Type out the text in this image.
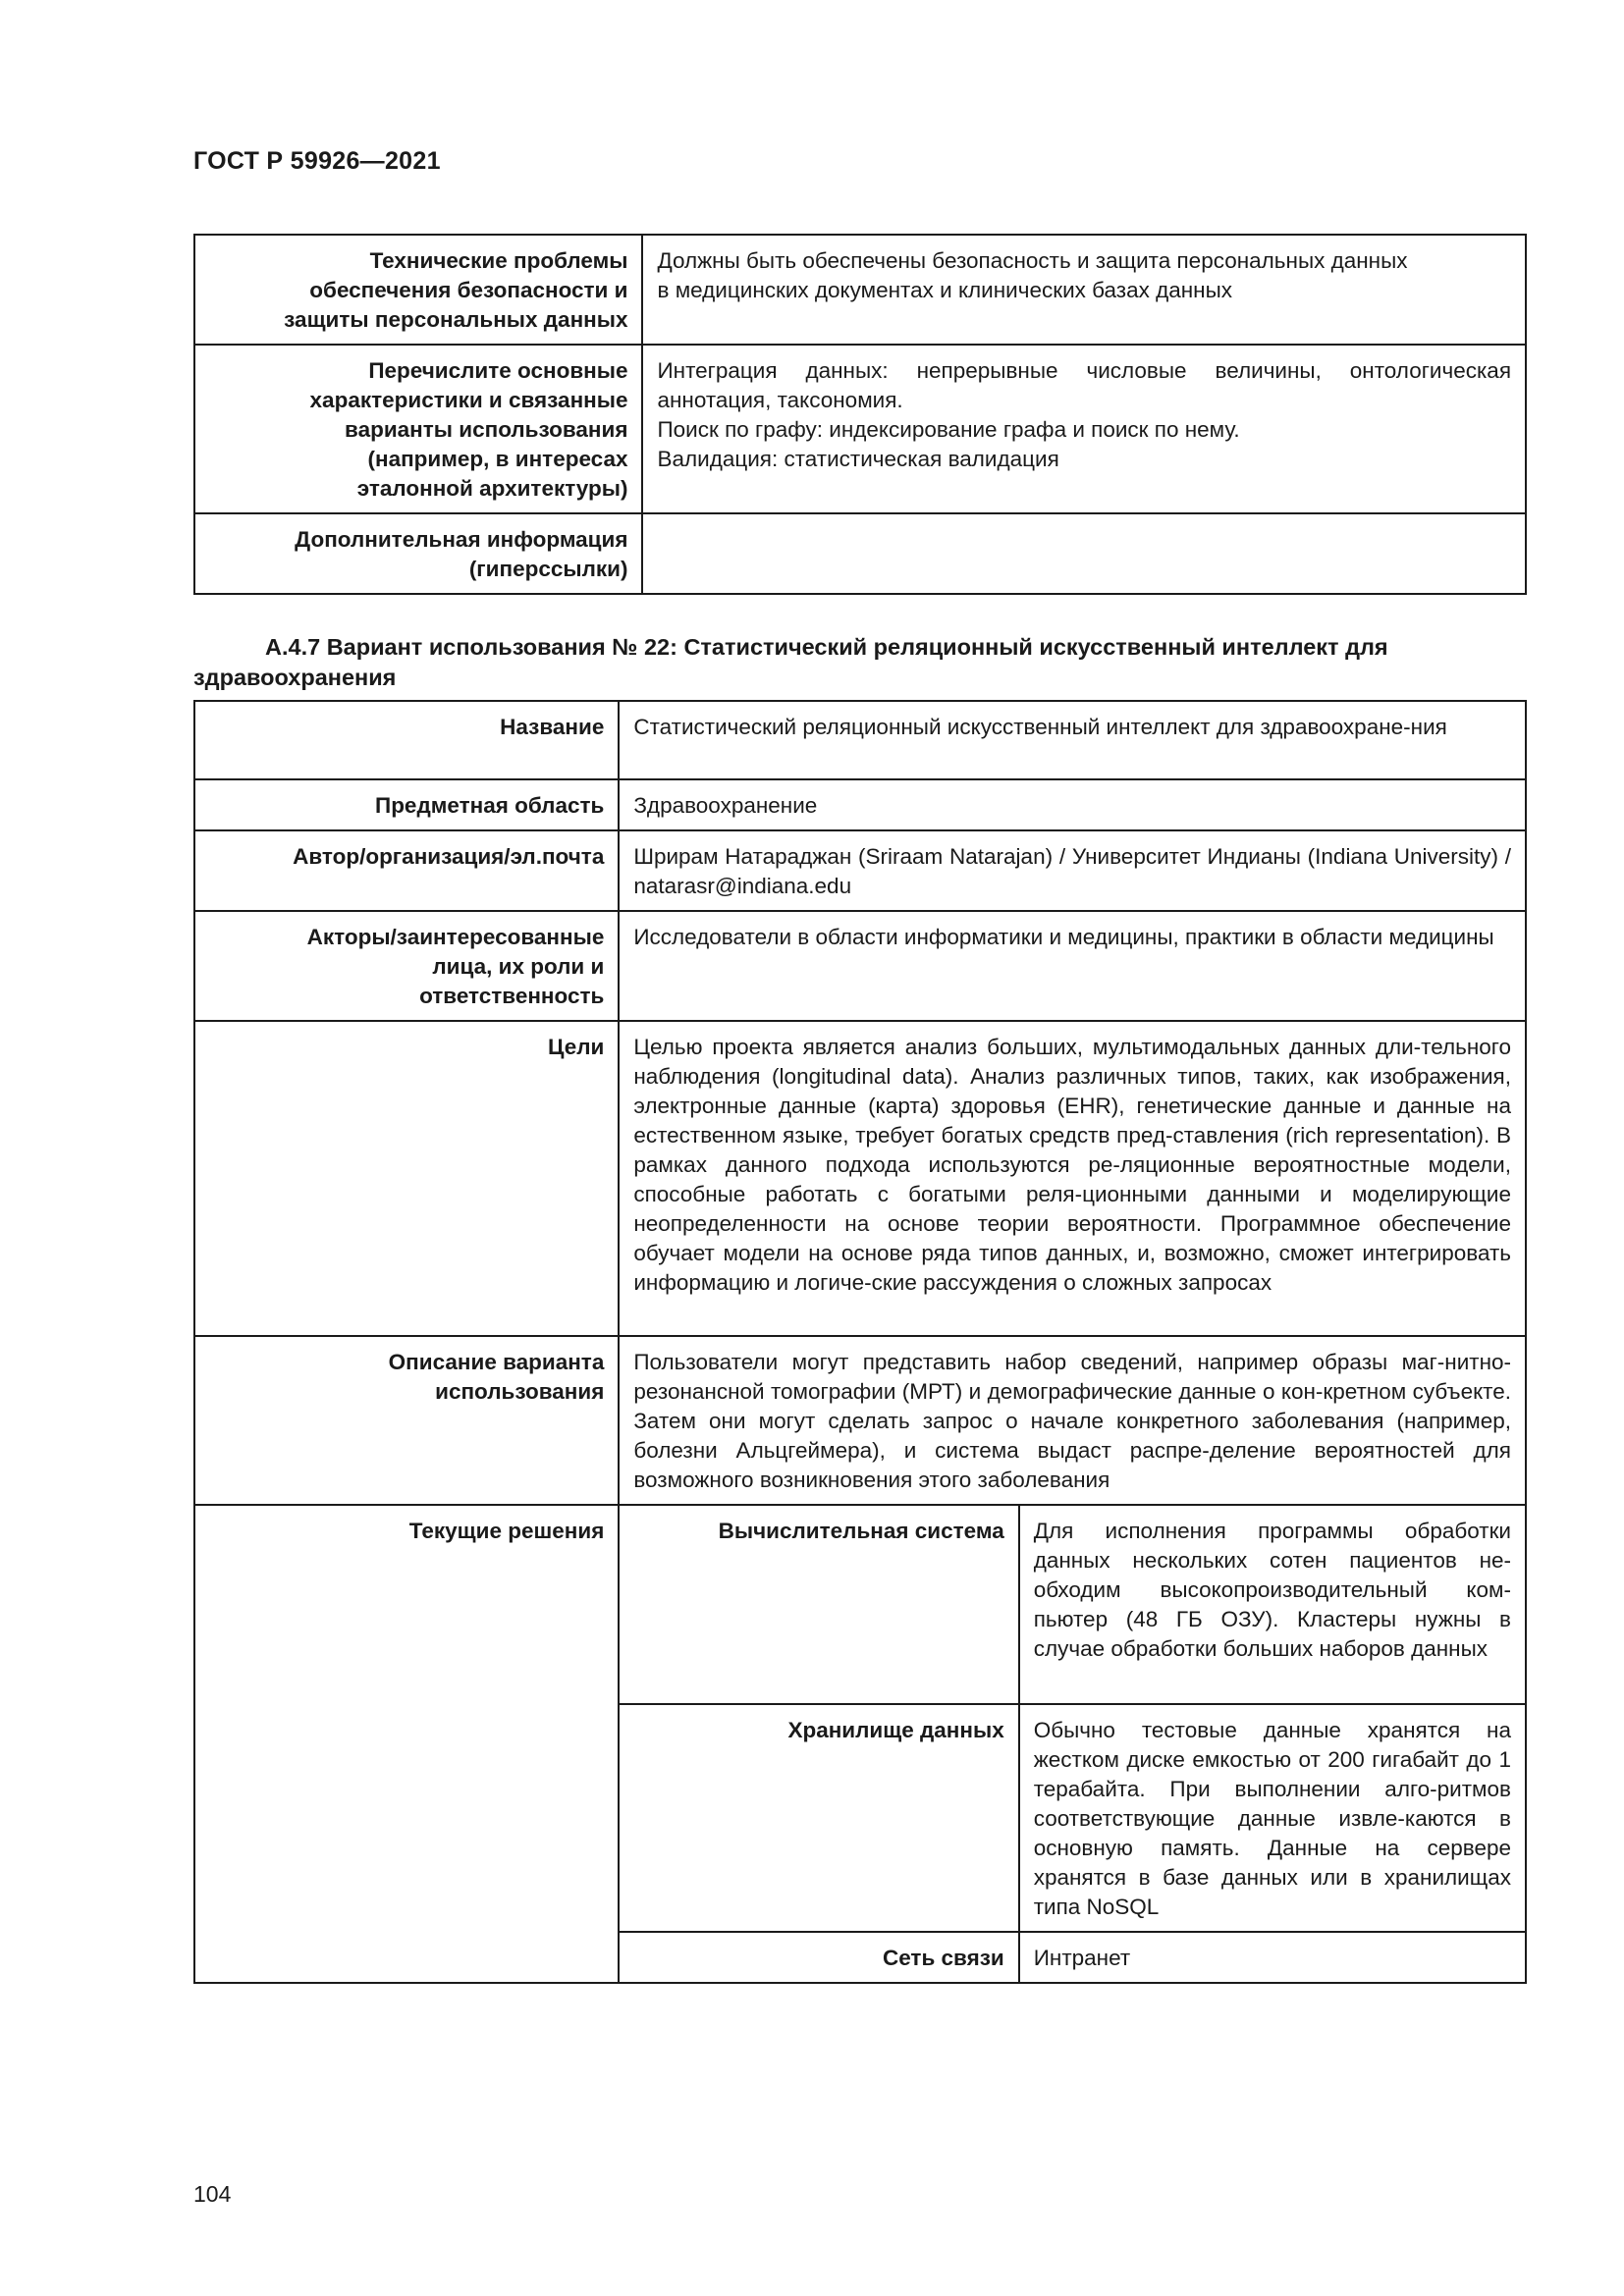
ГОСТ Р 59926—2021
Технические проблемы
обеспечения безопасности и
защиты персональных данных	Должны быть обеспечены безопасность и защита персональных данных
в медицинских документах и клинических базах данных

Перечислите основные
характеристики и связанные
варианты использования
(например, в интересах
эталонной архитектуры)	Интеграция данных: непрерывные числовые величины, онтологическая аннотация, таксономия.
Поиск по графу: индексирование графа и поиск по нему.
Валидация: статистическая валидация

Дополнительная информация
(гиперссылки)	

А.4.7 Вариант использования № 22: Статистический реляционный искусственный интеллект для здравоохранения
Название	Статистический реляционный искусственный интеллект для здравоохране-ния	
Предметная область	Здравоохранение	
Автор/организация/эл.почта	Шрирам Натараджан (Sriraam Natarajan) / Университет Индианы (Indiana University) / natarasr@indiana.edu	

Акторы/заинтересованные
лица, их роли и
ответственность	Исследователи в области информатики и медицины, практики в области медицины	
Цели	Целью проекта является анализ больших, мультимодальных данных дли-тельного наблюдения (longitudinal data). Анализ различных типов, таких, как изображения, электронные данные (карта) здоровья (EHR), генетические данные и данные на естественном языке, требует богатых средств пред-ставления (rich representation). В рамках данного подхода используются ре-ляционные вероятностные модели, способные работать с богатыми реля-ционными данными и моделирующие неопределенности на основе теории вероятности. Программное обеспечение обучает модели на основе ряда типов данных, и, возможно, сможет интегрировать информацию и логиче-ские рассуждения о сложных запросах	

Описание варианта
использования	Пользователи могут представить набор сведений, например образы маг-нитно-резонансной томографии (МРТ) и демографические данные о кон-кретном субъекте. Затем они могут сделать запрос о начале конкретного заболевания (например, болезни Альцгеймера), и система выдаст распре-деление вероятностей для возможного возникновения этого заболевания	
Текущие решения	Вычислительная система	Для исполнения программы обработки данных нескольких сотен пациентов не-обходим высокопроизводительный ком-пьютер (48 ГБ ОЗУ). Кластеры нужны в случае обработки больших наборов данных
	Хранилище данных	Обычно тестовые данные хранятся на жестком диске емкостью от 200 гигабайт до 1 терабайта. При выполнении алго-ритмов соответствующие данные извле-каются в основную память. Данные на сервере хранятся в базе данных или в хранилищах типа NoSQL
	Сеть связи	Интранет
104
